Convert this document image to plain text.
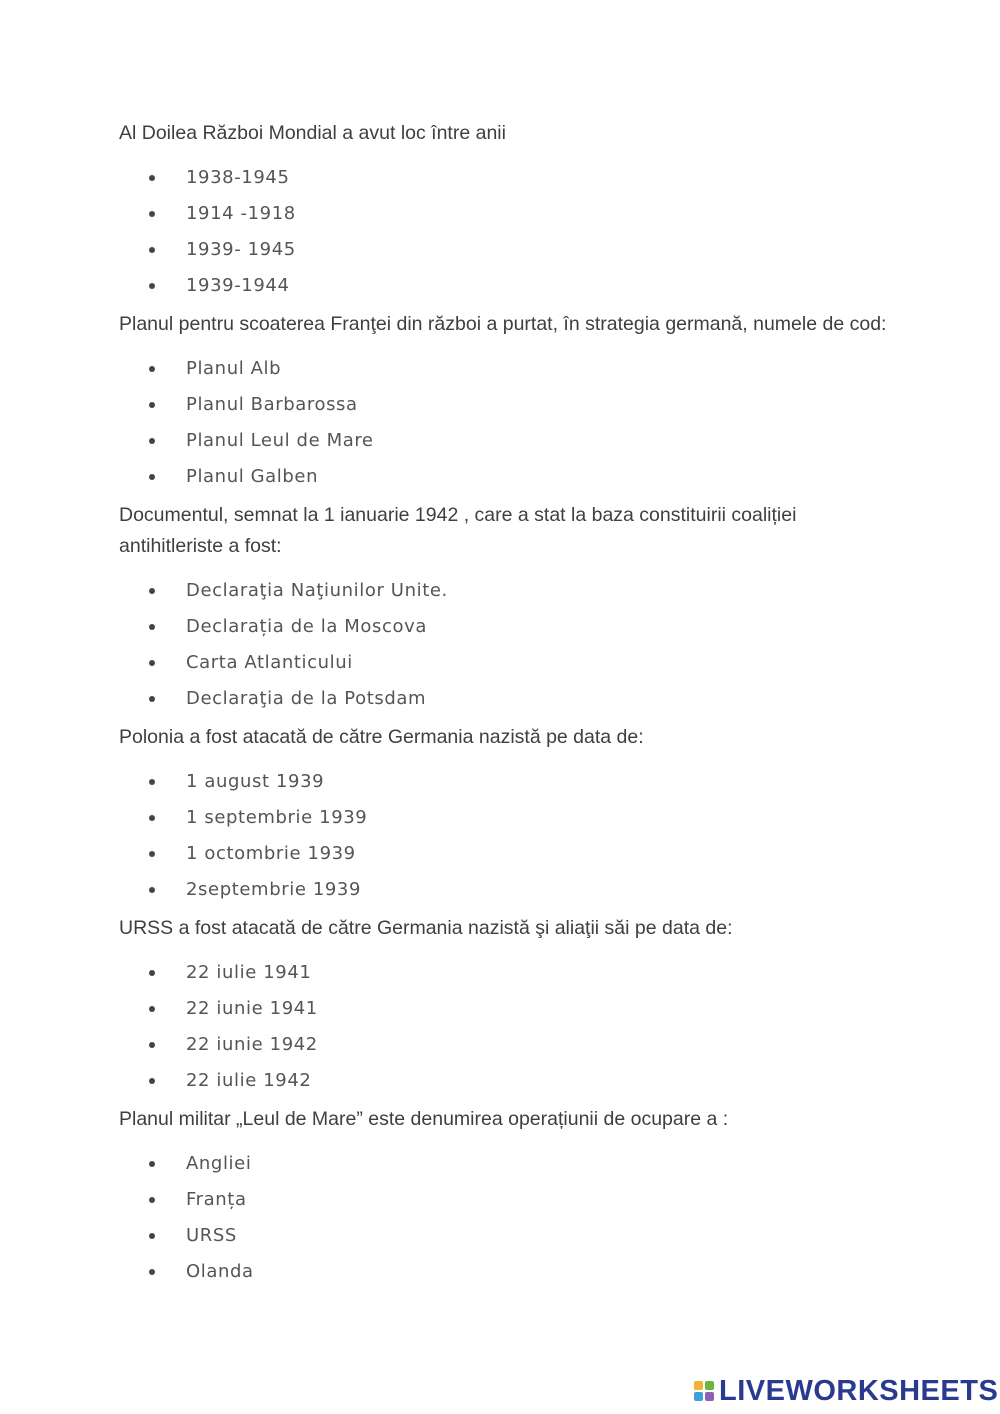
Al Doilea Război Mondial a avut loc între anii

1938-1945
1914 -1918
1939- 1945
1939-1944

Planul pentru scoaterea Franţei din război a purtat, în strategia germană, numele de cod:

Planul Alb
Planul Barbarossa
Planul Leul de Mare
Planul Galben

Documentul, semnat la 1 ianuarie 1942 , care a stat la baza constituirii coaliției antihitleriste a fost:

Declaraţia Naţiunilor Unite.
Declarația de la Moscova
Carta Atlanticului
Declaraţia de la Potsdam

Polonia a fost atacată de către Germania nazistă pe data de:

1 august 1939
1 septembrie 1939
1 octombrie 1939
2septembrie 1939

URSS a fost atacată de către Germania nazistă şi aliaţii săi pe data de:

22 iulie 1941
22 iunie 1941
22 iunie 1942
22 iulie 1942

Planul militar „Leul de Mare” este denumirea operațiunii de ocupare a :

Angliei
Franța
URSS
Olanda
LIVEWORKSHEETS
